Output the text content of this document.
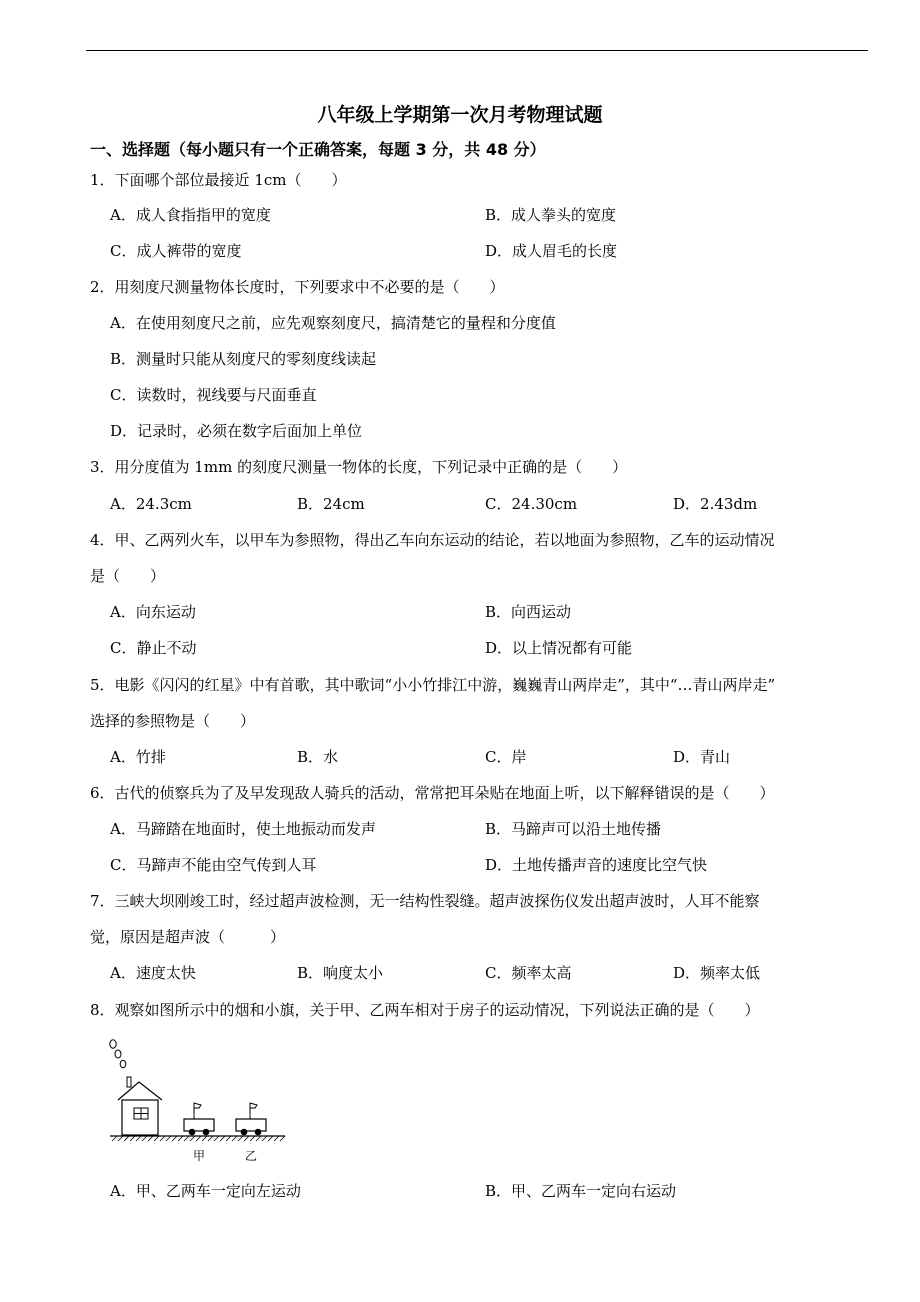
八年级上学期第一次月考物理试题
一、选择题（每小题只有一个正确答案，每题 3 分，共 48 分）
1．下面哪个部位最接近 1cm（　　）
A．成人食指指甲的宽度	B．成人拳头的宽度
C．成人裤带的宽度	D．成人眉毛的长度
2．用刻度尺测量物体长度时，下列要求中不必要的是（　　）
A．在使用刻度尺之前，应先观察刻度尺，搞清楚它的量程和分度值
B．测量时只能从刻度尺的零刻度线读起
C．读数时，视线要与尺面垂直
D．记录时，必须在数字后面加上单位
3．用分度值为 1mm 的刻度尺测量一物体的长度，下列记录中正确的是（　　）
A．24.3cm	B．24cm	C．24.30cm	D．2.43dm
4．甲、乙两列火车，以甲车为参照物，得出乙车向东运动的结论，若以地面为参照物，乙车的运动情况
是（　　）
A．向东运动	B．向西运动
C．静止不动	D．以上情况都有可能
5．电影《闪闪的红星》中有首歌，其中歌词“小小竹排江中游，巍巍青山两岸走”，其中“…青山两岸走”
选择的参照物是（　　）
A．竹排	B．水	C．岸	D．青山
6．古代的侦察兵为了及早发现敌人骑兵的活动，常常把耳朵贴在地面上听，以下解释错误的是（　　）
A．马蹄踏在地面时，使土地振动而发声	B．马蹄声可以沿土地传播
C．马蹄声不能由空气传到人耳	D．土地传播声音的速度比空气快
7．三峡大坝刚竣工时，经过超声波检测，无一结构性裂缝。超声波探伤仪发出超声波时，人耳不能察
觉，原因是超声波（　　　）
A．速度太快	B．响度太小	C．频率太高	D．频率太低
8．观察如图所示中的烟和小旗，关于甲、乙两车相对于房子的运动情况，下列说法正确的是（　　）
甲	乙
A．甲、乙两车一定向左运动	B．甲、乙两车一定向右运动
